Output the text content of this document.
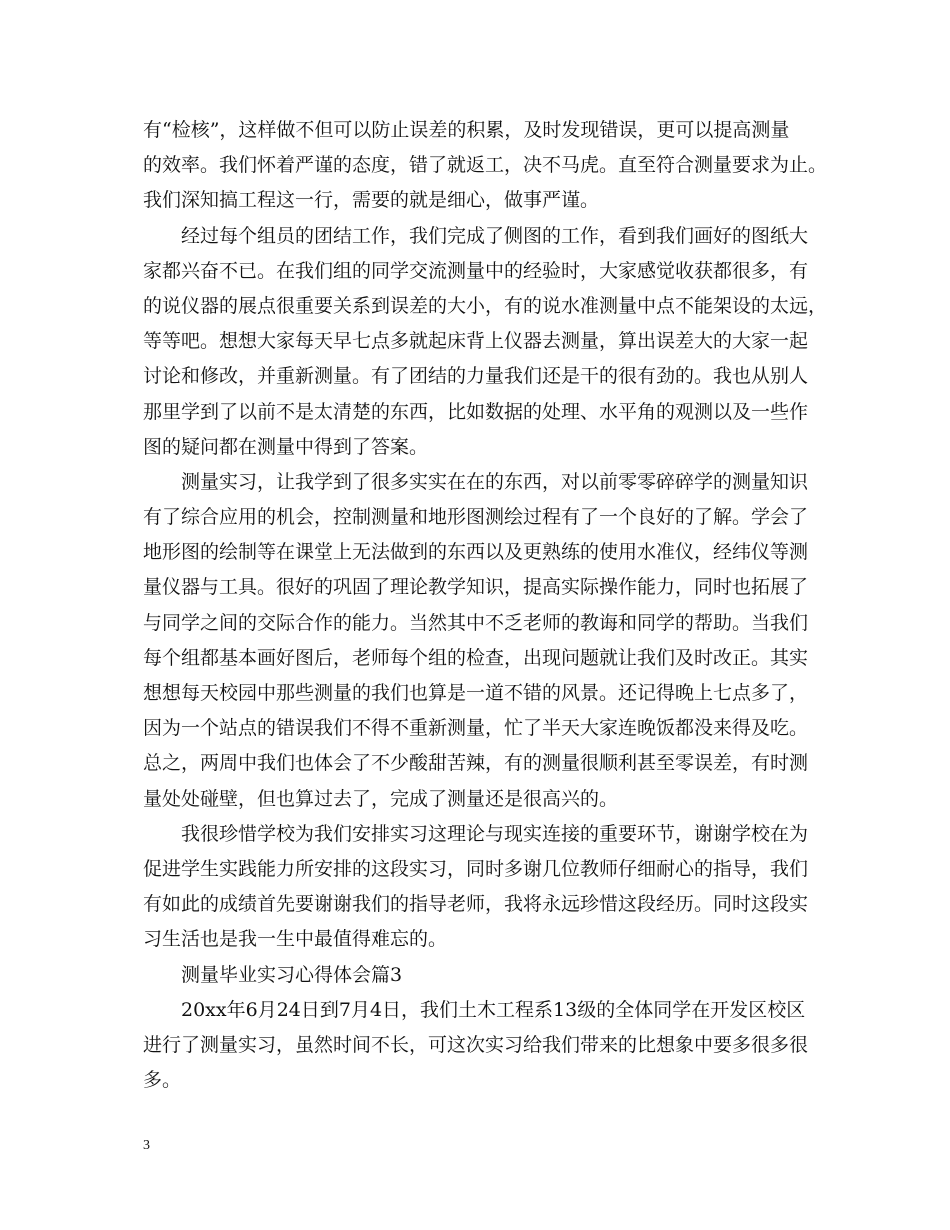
有“检核”，这样做不但可以防止误差的积累，及时发现错误，更可以提高测量
的效率。我们怀着严谨的态度，错了就返工，决不马虎。直至符合测量要求为止。
我们深知搞工程这一行，需要的就是细心，做事严谨。
经过每个组员的团结工作，我们完成了侧图的工作，看到我们画好的图纸大
家都兴奋不已。在我们组的同学交流测量中的经验时，大家感觉收获都很多，有
的说仪器的展点很重要关系到误差的大小，有的说水准测量中点不能架设的太远，
等等吧。想想大家每天早七点多就起床背上仪器去测量，算出误差大的大家一起
讨论和修改，并重新测量。有了团结的力量我们还是干的很有劲的。我也从别人
那里学到了以前不是太清楚的东西，比如数据的处理、水平角的观测以及一些作
图的疑问都在测量中得到了答案。
测量实习，让我学到了很多实实在在的东西，对以前零零碎碎学的测量知识
有了综合应用的机会，控制测量和地形图测绘过程有了一个良好的了解。学会了
地形图的绘制等在课堂上无法做到的东西以及更熟练的使用水准仪，经纬仪等测
量仪器与工具。很好的巩固了理论教学知识，提高实际操作能力，同时也拓展了
与同学之间的交际合作的能力。当然其中不乏老师的教诲和同学的帮助。当我们
每个组都基本画好图后，老师每个组的检查，出现问题就让我们及时改正。其实
想想每天校园中那些测量的我们也算是一道不错的风景。还记得晚上七点多了，
因为一个站点的错误我们不得不重新测量，忙了半天大家连晚饭都没来得及吃。
总之，两周中我们也体会了不少酸甜苦辣，有的测量很顺利甚至零误差，有时测
量处处碰壁，但也算过去了，完成了测量还是很高兴的。
我很珍惜学校为我们安排实习这理论与现实连接的重要环节，谢谢学校在为
促进学生实践能力所安排的这段实习，同时多谢几位教师仔细耐心的指导，我们
有如此的成绩首先要谢谢我们的指导老师，我将永远珍惜这段经历。同时这段实
习生活也是我一生中最值得难忘的。
测量毕业实习心得体会篇3
20xx年6月24日到7月4日，我们土木工程系13级的全体同学在开发区校区
进行了测量实习，虽然时间不长，可这次实习给我们带来的比想象中要多很多很
多。
3
